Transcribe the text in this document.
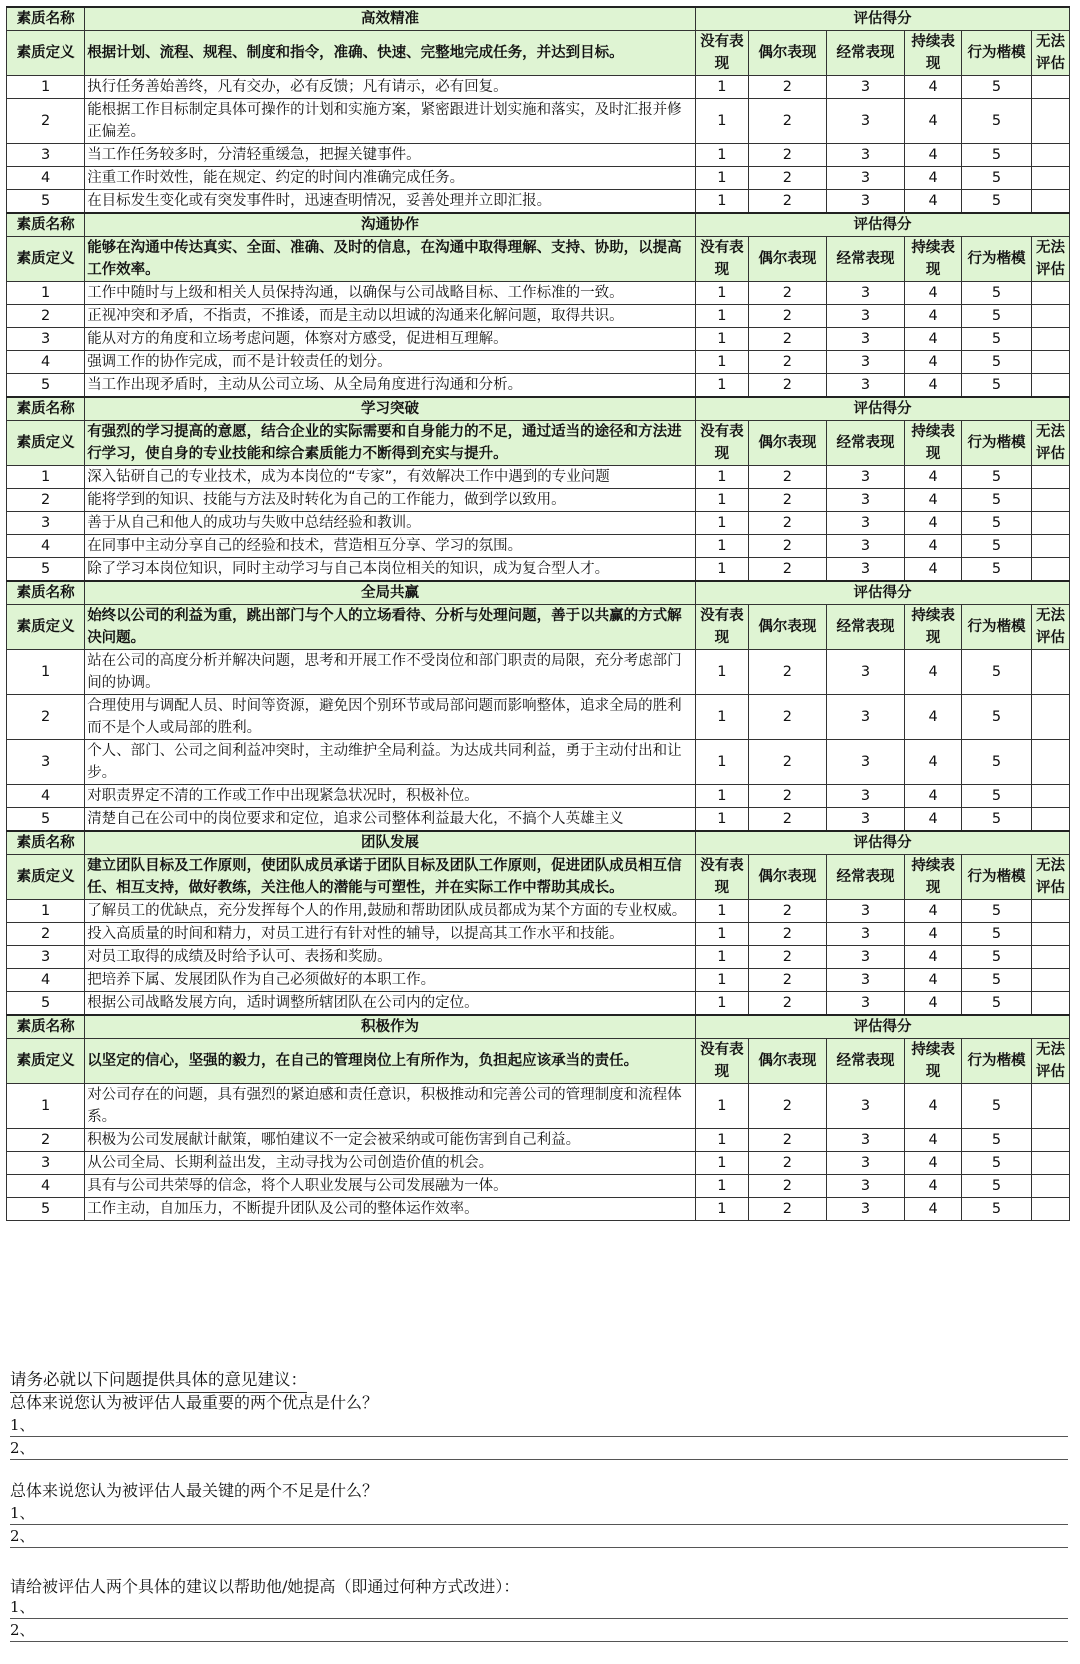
素质名称	高效精准	评估得分					
素质定义	根据计划、流程、规程、制度和指令，准确、快速、完整地完成任务，并达到目标。	没有表现	偶尔表现	经常表现	持续表现	行为楷模	无法评估
1	执行任务善始善终，凡有交办，必有反馈；凡有请示，必有回复。	1	2	3	4	5	
2	能根据工作目标制定具体可操作的计划和实施方案，紧密跟进计划实施和落实，及时汇报并修正偏差。	1	2	3	4	5	
3	当工作任务较多时，分清轻重缓急，把握关键事件。	1	2	3	4	5	
4	注重工作时效性，能在规定、约定的时间内准确完成任务。	1	2	3	4	5	
5	在目标发生变化或有突发事件时，迅速查明情况，妥善处理并立即汇报。	1	2	3	4	5	
素质名称	沟通协作	评估得分					
素质定义	能够在沟通中传达真实、全面、准确、及时的信息，在沟通中取得理解、支持、协助，以提高工作效率。	没有表现	偶尔表现	经常表现	持续表现	行为楷模	无法评估
1	工作中随时与上级和相关人员保持沟通，以确保与公司战略目标、工作标准的一致。	1	2	3	4	5	
2	正视冲突和矛盾，不指责，不推诿，而是主动以坦诚的沟通来化解问题，取得共识。	1	2	3	4	5	
3	能从对方的角度和立场考虑问题，体察对方感受，促进相互理解。	1	2	3	4	5	
4	强调工作的协作完成，而不是计较责任的划分。	1	2	3	4	5	
5	当工作出现矛盾时，主动从公司立场、从全局角度进行沟通和分析。	1	2	3	4	5	
素质名称	学习突破	评估得分					
素质定义	有强烈的学习提高的意愿，结合企业的实际需要和自身能力的不足，通过适当的途径和方法进行学习，使自身的专业技能和综合素质能力不断得到充实与提升。	没有表现	偶尔表现	经常表现	持续表现	行为楷模	无法评估
1	深入钻研自己的专业技术，成为本岗位的“专家”，有效解决工作中遇到的专业问题	1	2	3	4	5	
2	能将学到的知识、技能与方法及时转化为自己的工作能力，做到学以致用。	1	2	3	4	5	
3	善于从自己和他人的成功与失败中总结经验和教训。	1	2	3	4	5	
4	在同事中主动分享自己的经验和技术，营造相互分享、学习的氛围。	1	2	3	4	5	
5	除了学习本岗位知识，同时主动学习与自己本岗位相关的知识，成为复合型人才。	1	2	3	4	5	
素质名称	全局共赢	评估得分					
素质定义	始终以公司的利益为重，跳出部门与个人的立场看待、分析与处理问题，善于以共赢的方式解决问题。	没有表现	偶尔表现	经常表现	持续表现	行为楷模	无法评估
1	站在公司的高度分析并解决问题，思考和开展工作不受岗位和部门职责的局限，充分考虑部门间的协调。	1	2	3	4	5	
2	合理使用与调配人员、时间等资源，避免因个别环节或局部问题而影响整体，追求全局的胜利而不是个人或局部的胜利。	1	2	3	4	5	
3	个人、部门、公司之间利益冲突时，主动维护全局利益。为达成共同利益，勇于主动付出和让步。	1	2	3	4	5	
4	对职责界定不清的工作或工作中出现紧急状况时，积极补位。	1	2	3	4	5	
5	清楚自己在公司中的岗位要求和定位，追求公司整体利益最大化，不搞个人英雄主义	1	2	3	4	5	
素质名称	团队发展	评估得分					
素质定义	建立团队目标及工作原则，使团队成员承诺于团队目标及团队工作原则，促进团队成员相互信任、相互支持，做好教练，关注他人的潜能与可塑性，并在实际工作中帮助其成长。	没有表现	偶尔表现	经常表现	持续表现	行为楷模	无法评估
1	了解员工的优缺点，充分发挥每个人的作用,鼓励和帮助团队成员都成为某个方面的专业权威。	1	2	3	4	5	
2	投入高质量的时间和精力，对员工进行有针对性的辅导，以提高其工作水平和技能。	1	2	3	4	5	
3	对员工取得的成绩及时给予认可、表扬和奖励。	1	2	3	4	5	
4	把培养下属、发展团队作为自己必须做好的本职工作。	1	2	3	4	5	
5	根据公司战略发展方向，适时调整所辖团队在公司内的定位。	1	2	3	4	5	
素质名称	积极作为	评估得分					
素质定义	以坚定的信心，坚强的毅力，在自己的管理岗位上有所作为，负担起应该承当的责任。	没有表现	偶尔表现	经常表现	持续表现	行为楷模	无法评估
1	对公司存在的问题，具有强烈的紧迫感和责任意识，积极推动和完善公司的管理制度和流程体系。	1	2	3	4	5	
2	积极为公司发展献计献策，哪怕建议不一定会被采纳或可能伤害到自己利益。	1	2	3	4	5	
3	从公司全局、长期利益出发，主动寻找为公司创造价值的机会。	1	2	3	4	5	
4	具有与公司共荣辱的信念，将个人职业发展与公司发展融为一体。	1	2	3	4	5	
5	工作主动，自加压力，不断提升团队及公司的整体运作效率。	1	2	3	4	5	
请务必就以下问题提供具体的意见建议：
总体来说您认为被评估人最重要的两个优点是什么？
1、
2、
总体来说您认为被评估人最关键的两个不足是什么？
1、
2、
请给被评估人两个具体的建议以帮助他/她提高（即通过何种方式改进）：
1、
2、
